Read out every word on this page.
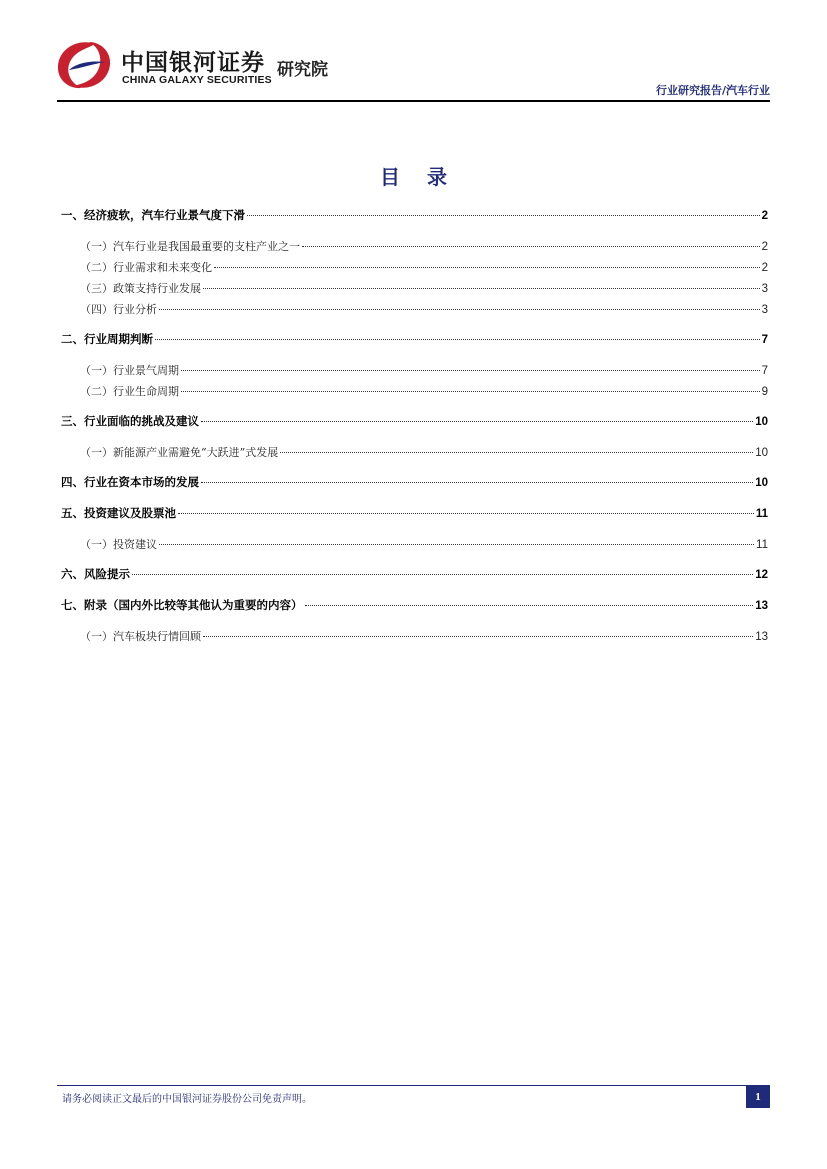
中国银河证券
CHINA GALAXY SECURITIES 研究院
行业研究报告/汽车行业
目 录
一、经济疲软，汽车行业景气度下滑	2
（一）汽车行业是我国最重要的支柱产业之一	2
（二）行业需求和未来变化	2
（三）政策支持行业发展	3
（四）行业分析	3
二、行业周期判断	7
（一）行业景气周期	7
（二）行业生命周期	9
三、行业面临的挑战及建议	10
（一）新能源产业需避免“大跃进”式发展	10
四、行业在资本市场的发展	10
五、投资建议及股票池	11
（一）投资建议	11
六、风险提示	12
七、附录（国内外比较等其他认为重要的内容）	13
（一）汽车板块行情回顾	13
请务必阅读正文最后的中国银河证券股份公司免责声明。	1
